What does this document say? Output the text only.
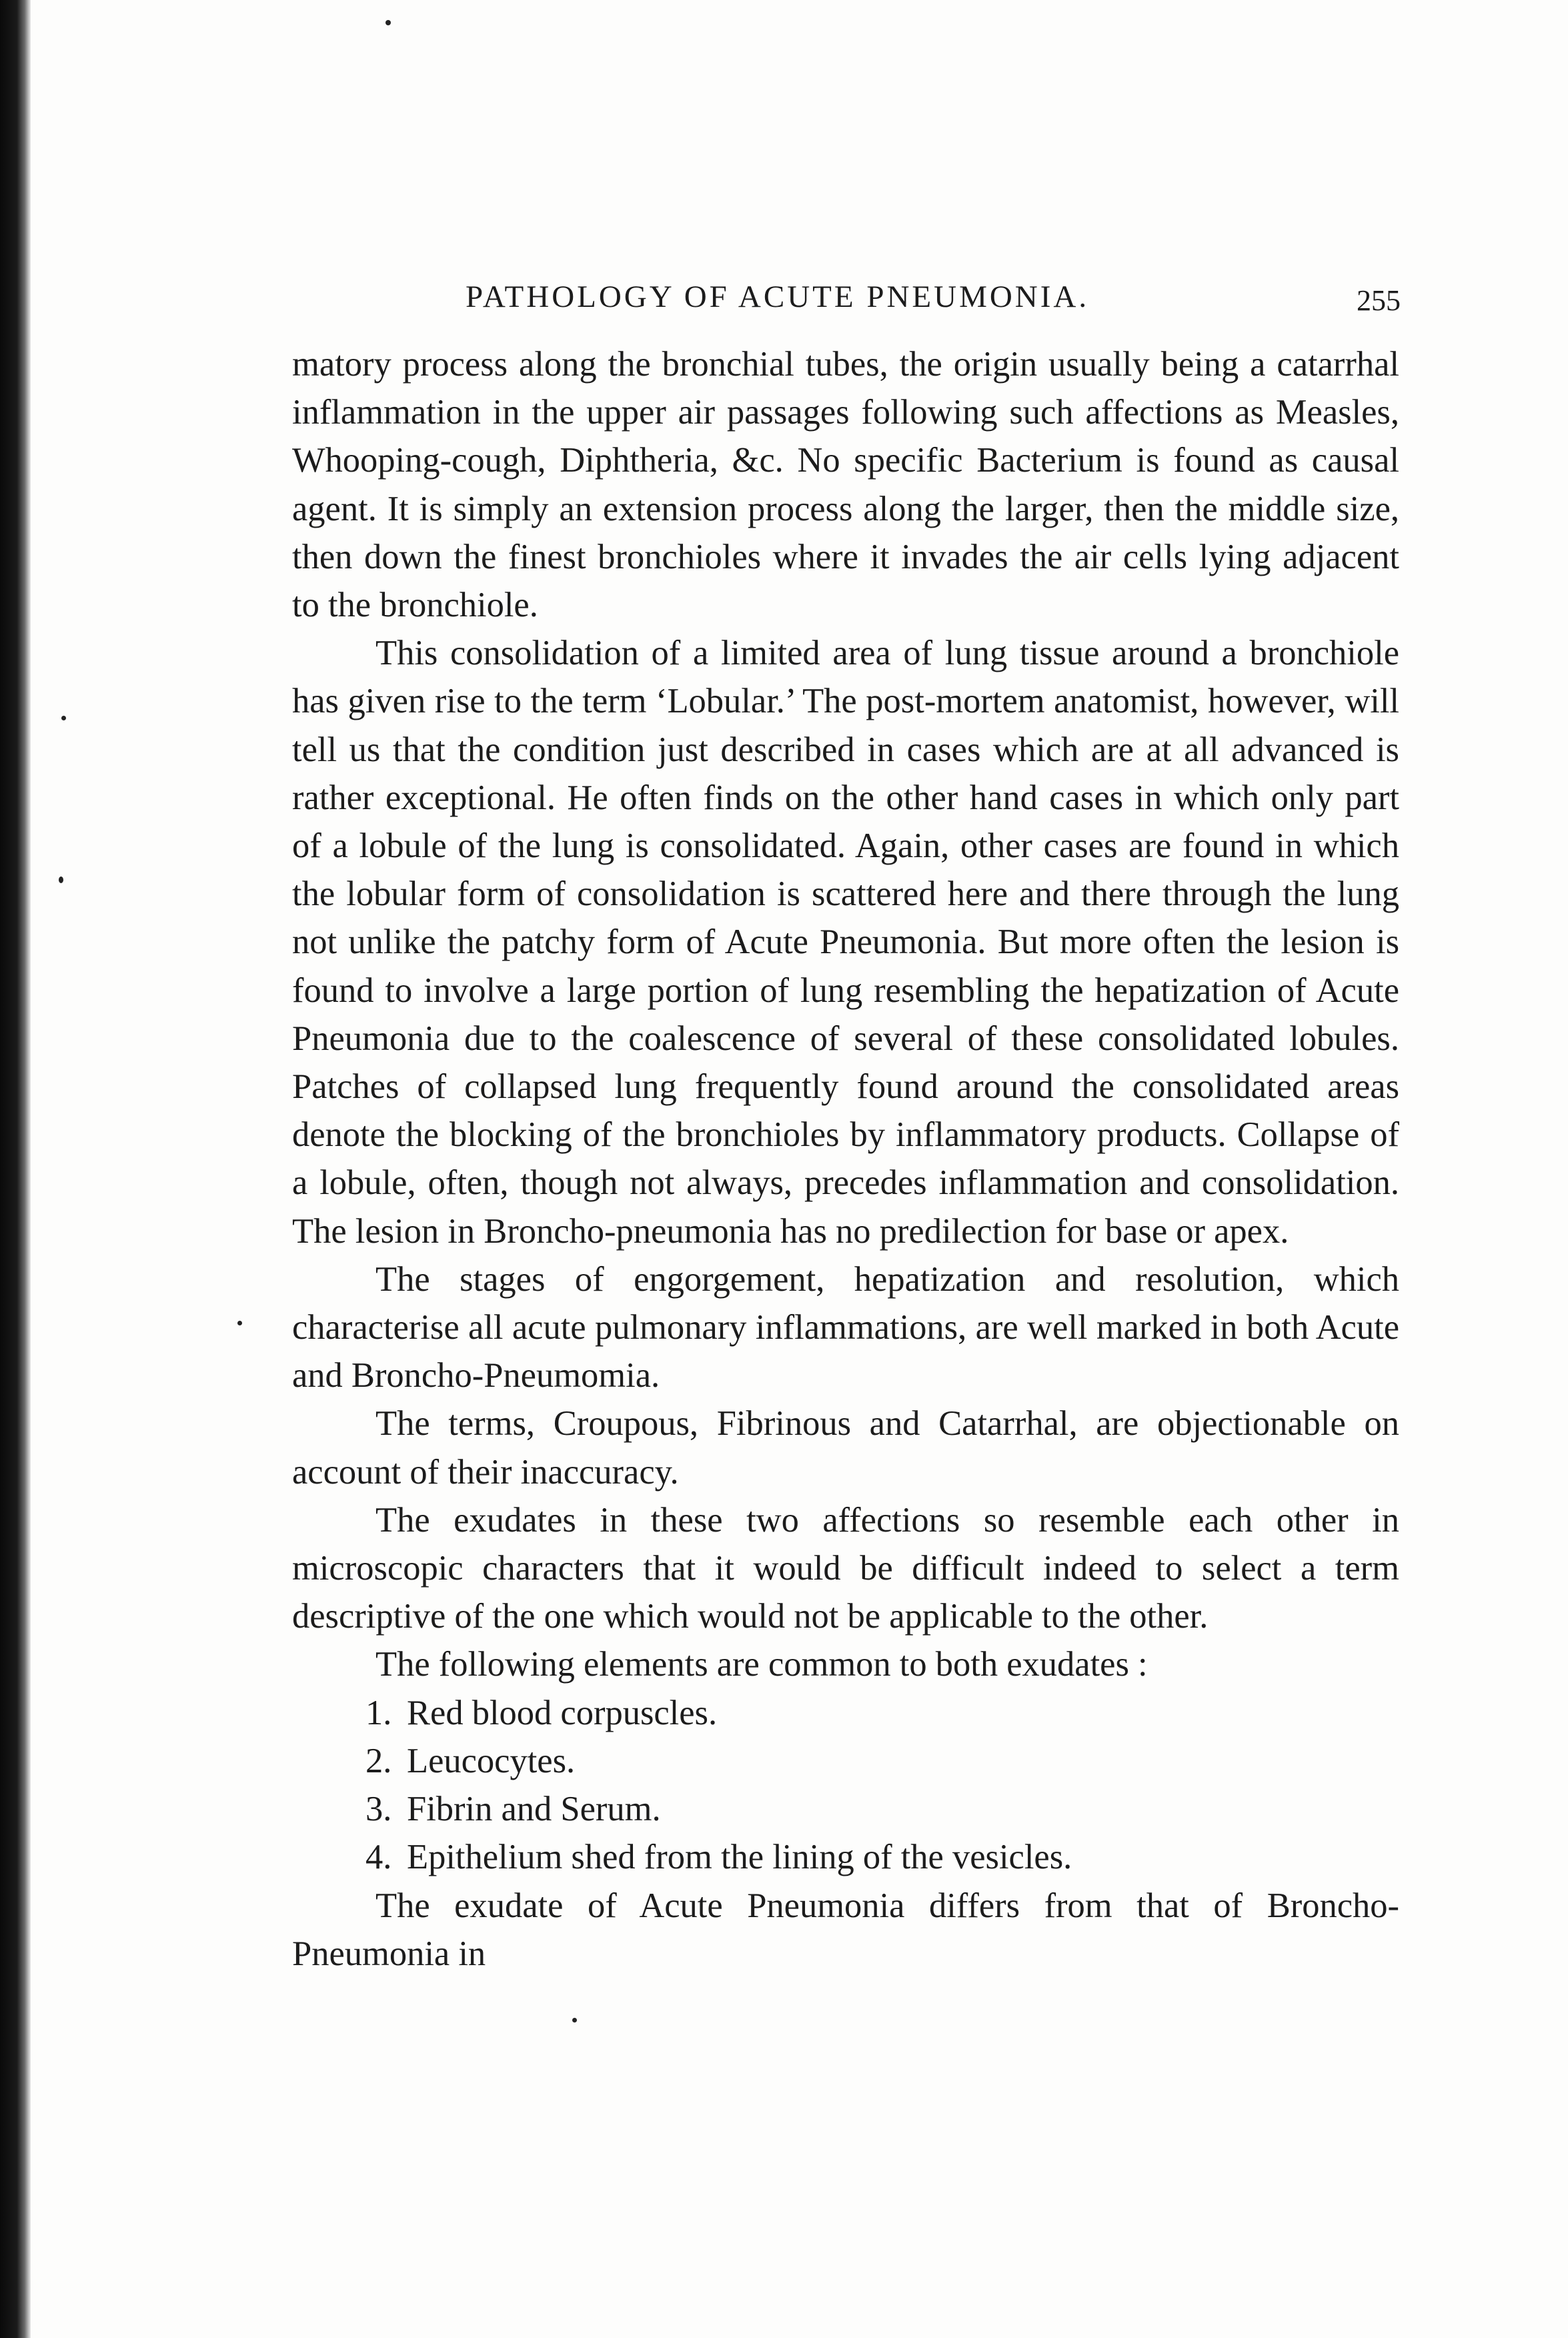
PATHOLOGY OF ACUTE PNEUMONIA.	255

matory process along the bronchial tubes, the origin usually being a catarrhal inflammation in the upper air passages following such affections as Measles, Whooping-cough, Diphtheria, &c. No specific Bacterium is found as causal agent. It is simply an extension process along the larger, then the middle size, then down the finest bronchioles where it invades the air cells lying adjacent to the bronchiole.

This consolidation of a limited area of lung tissue around a bronchiole has given rise to the term ‘Lobular.’ The post-mortem anatomist, however, will tell us that the condition just described in cases which are at all advanced is rather exceptional. He often finds on the other hand cases in which only part of a lobule of the lung is consolidated. Again, other cases are found in which the lobular form of consolidation is scattered here and there through the lung not unlike the patchy form of Acute Pneumonia. But more often the lesion is found to involve a large portion of lung resembling the hepatization of Acute Pneumonia due to the coalescence of several of these consolidated lobules. Patches of collapsed lung frequently found around the consolidated areas denote the blocking of the bronchioles by inflammatory products. Collapse of a lobule, often, though not always, precedes inflammation and consolidation. The lesion in Broncho-pneumonia has no predilection for base or apex.

The stages of engorgement, hepatization and resolution, which characterise all acute pulmonary inflammations, are well marked in both Acute and Broncho-Pneumomia.

The terms, Croupous, Fibrinous and Catarrhal, are objectionable on account of their inaccuracy.

The exudates in these two affections so resemble each other in microscopic characters that it would be difficult indeed to select a term descriptive of the one which would not be applicable to the other.

The following elements are common to both exudates :

1. Red blood corpuscles.
2. Leucocytes.
3. Fibrin and Serum.
4. Epithelium shed from the lining of the vesicles.

The exudate of Acute Pneumonia differs from that of Broncho-Pneumonia in
